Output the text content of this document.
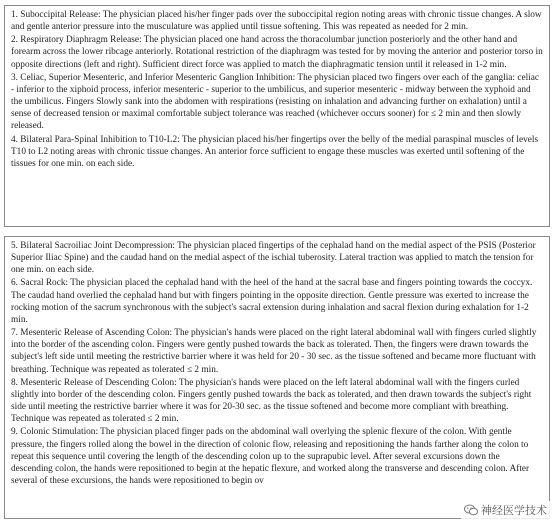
1. Suboccipital Release: The physician placed his/her finger pads over the suboccipital region noting areas with chronic tissue changes. A slow and gentle anterior pressure into the musculature was applied until tissue softening. This was repeated as needed for 2 min.

2. Respiratory Diaphragm Release: The physician placed one hand across the thoracolumbar junction posteriorly and the other hand and forearm across the lower ribcage anteriorly. Rotational restriction of the diaphragm was tested for by moving the anterior and posterior torso in opposite directions (left and right). Sufficient direct force was applied to match the diaphragmatic tension until it released in 1-2 min.

3. Celiac, Superior Mesenteric, and Inferior Mesenteric Ganglion Inhibition: The physician placed two fingers over each of the ganglia: celiac - inferior to the xiphoid process, inferior mesenteric - superior to the umbilicus, and superior mesenteric - midway between the xyphoid and the umbilicus. Fingers Slowly sank into the abdomen with respirations (resisting on inhalation and advancing further on exhalation) until a sense of decreased tension or maximal comfortable subject tolerance was reached (whichever occurs sooner) for ≤ 2 min and then slowly released.

4. Bilateral Para-Spinal Inhibition to T10-L2: The physician placed his/her fingertips over the belly of the medial paraspinal muscles of levels T10 to L2 noting areas with chronic tissue changes. An anterior force sufficient to engage these muscles was exerted until softening of the tissues for one min. on each side.

5. Bilateral Sacroiliac Joint Decompression: The physician placed fingertips of the cephalad hand on the medial aspect of the PSIS (Posterior Superior Iliac Spine) and the caudad hand on the medial aspect of the ischial tuberosity. Lateral traction was applied to match the tension for one min. on each side.

6. Sacral Rock: The physician placed the cephalad hand with the heel of the hand at the sacral base and fingers pointing towards the coccyx. The caudad hand overlied the cephalad hand but with fingers pointing in the opposite direction. Gentle pressure was exerted to increase the rocking motion of the sacrum synchronous with the subject's sacral extension during inhalation and sacral flexion during exhalation for 1-2 min.

7. Mesenteric Release of Ascending Colon: The physician's hands were placed on the right lateral abdominal wall with fingers curled slightly into the border of the ascending colon. Fingers were gently pushed towards the back as tolerated. Then, the fingers were drawn towards the subject's left side until meeting the restrictive barrier where it was held for 20 - 30 sec. as the tissue softened and became more fluctuant with breathing. Technique was repeated as tolerated ≤ 2 min.

8. Mesenteric Release of Descending Colon: The physician's hands were placed on the left lateral abdominal wall with the fingers curled slightly into border of the descending colon. Fingers gently pushed towards the back as tolerated, and then drawn towards the subject's right side until meeting the restrictive barrier where it was for 20-30 sec. as the tissue softened and become more compliant with breathing. Technique was repeated as tolerated ≤ 2 min.

9. Colonic Stimulation: The physician placed finger pads on the abdominal wall overlying the splenic flexure of the colon. With gentle pressure, the fingers rolled along the bowel in the direction of colonic flow, releasing and repositioning the hands farther along the colon to repeat this sequence until covering the length of the descending colon up to the suprapubic level. After several excursions down the descending colon, the hands were repositioned to begin at the hepatic flexure, and worked along the transverse and descending colon. After several of these excursions, the hands were repositioned to begin ov

神经医学技术
